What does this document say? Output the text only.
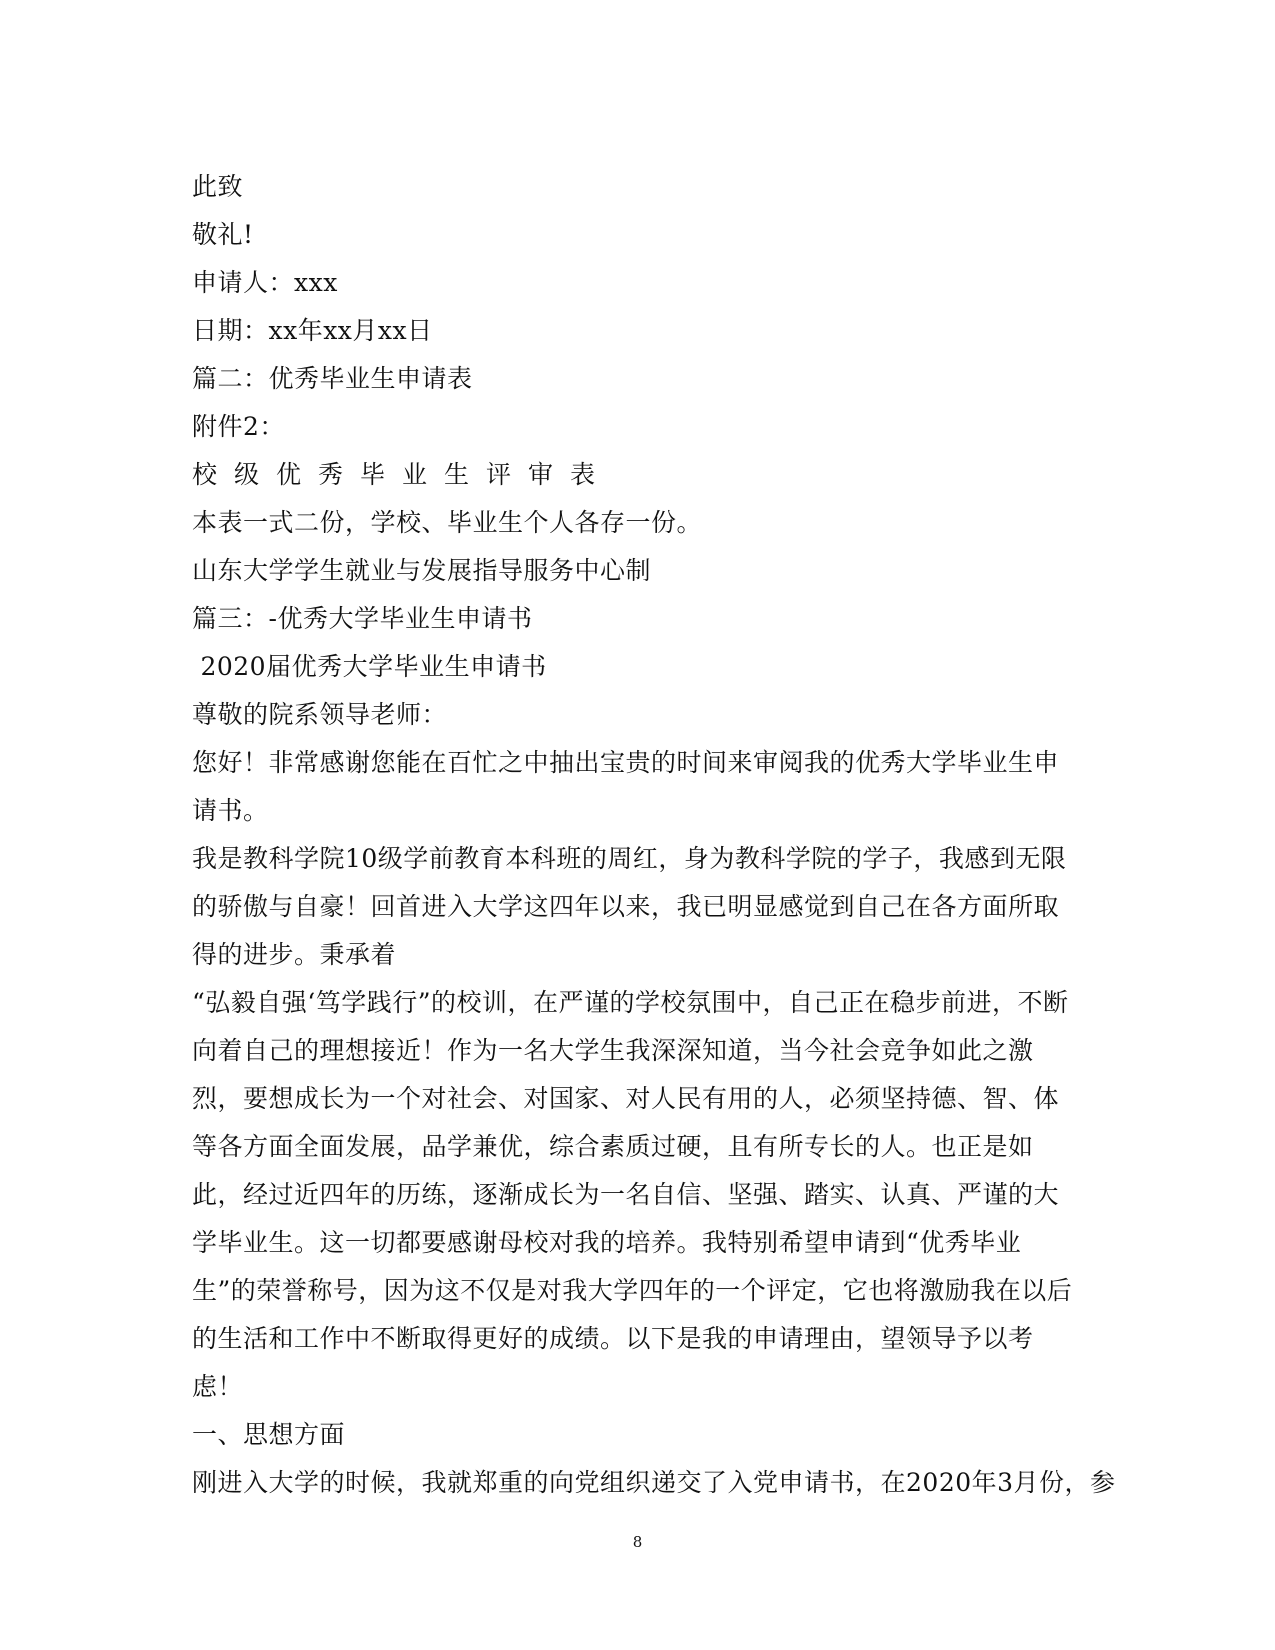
此致
敬礼!
申请人：xxx
日期：xx年xx月xx日
篇二：优秀毕业生申请表
附件2：
校级优秀毕业生评审表
本表一式二份，学校、毕业生个人各存一份。
山东大学学生就业与发展指导服务中心制
篇三：-优秀大学毕业生申请书
2020届优秀大学毕业生申请书
尊敬的院系领导老师：
您好！非常感谢您能在百忙之中抽出宝贵的时间来审阅我的优秀大学毕业生申请书。
我是教科学院10级学前教育本科班的周红，身为教科学院的学子，我感到无限的骄傲与自豪！回首进入大学这四年以来，我已明显感觉到自己在各方面所取得的进步。秉承着
“弘毅自强‘笃学践行”的校训，在严谨的学校氛围中，自己正在稳步前进，不断向着自己的理想接近！作为一名大学生我深深知道，当今社会竞争如此之激烈，要想成长为一个对社会、对国家、对人民有用的人，必须坚持德、智、体等各方面全面发展，品学兼优，综合素质过硬，且有所专长的人。也正是如此，经过近四年的历练，逐渐成长为一名自信、坚强、踏实、认真、严谨的大学毕业生。这一切都要感谢母校对我的培养。我特别希望申请到“优秀毕业生”的荣誉称号，因为这不仅是对我大学四年的一个评定，它也将激励我在以后的生活和工作中不断取得更好的成绩。以下是我的申请理由，望领导予以考虑！
一、思想方面
刚进入大学的时候，我就郑重的向党组织递交了入党申请书，在2020年3月份，参
8
